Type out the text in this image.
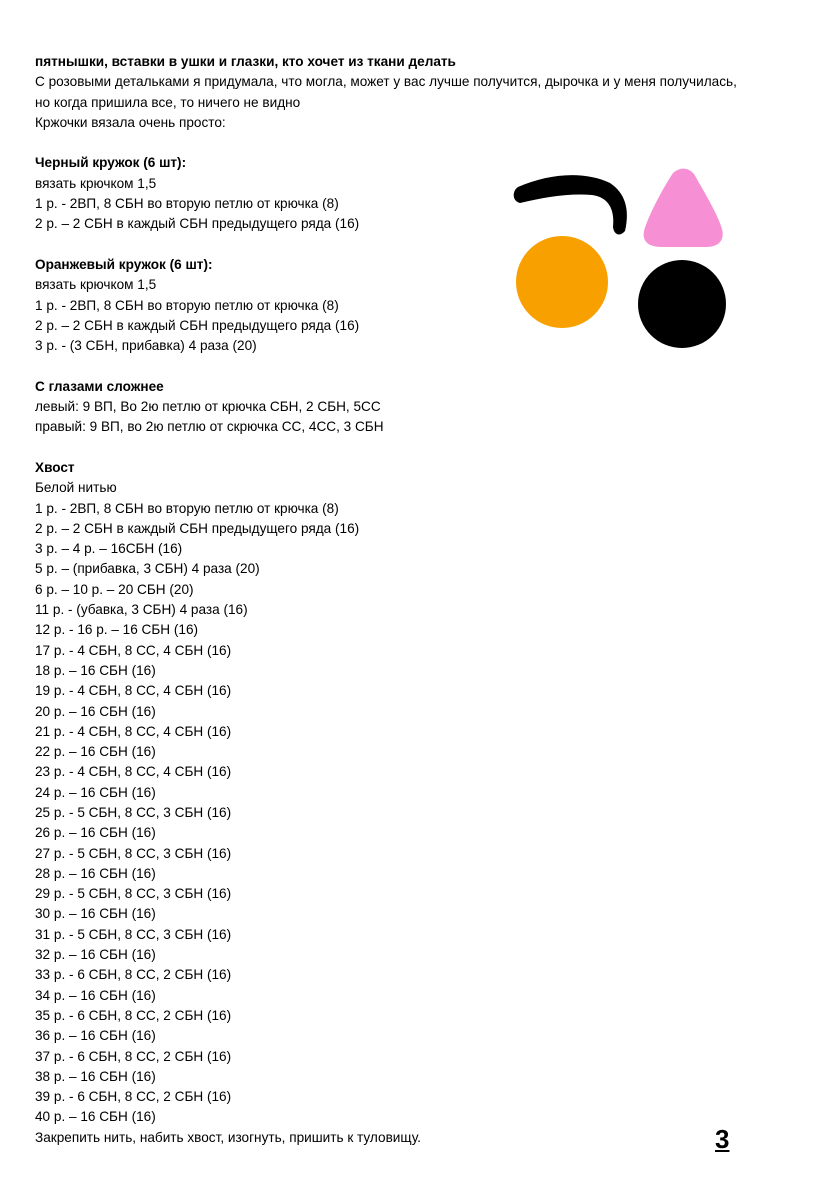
пятнышки, вставки в ушки и глазки, кто хочет из ткани делать
С розовыми детальками я придумала, что могла, может у вас лучше получится, дырочка и у меня получилась,
но когда пришила все, то ничего не видно
Кржочки вязала очень просто:
Черный кружок (6 шт):
вязать крючком 1,5
1 р. - 2ВП, 8 СБН во вторую петлю от крючка (8)
2 р. – 2 СБН в каждый СБН предыдущего ряда (16)
Оранжевый кружок (6 шт):
вязать крючком 1,5
1 р. - 2ВП, 8 СБН во вторую петлю от крючка (8)
2 р. – 2 СБН в каждый СБН предыдущего ряда (16)
3 р. - (3 СБН, прибавка) 4 раза (20)
С глазами сложнее
левый: 9 ВП, Во 2ю петлю от крючка СБН, 2 СБН, 5СС
правый: 9 ВП, во 2ю петлю от скрючка СС, 4СС, 3 СБН
Хвост
Белой нитью
1 р. - 2ВП, 8 СБН во вторую петлю от крючка (8)
2 р. – 2 СБН в каждый СБН предыдущего ряда (16)
3 р. – 4 р. – 16СБН (16)
5 р. – (прибавка, 3 СБН) 4 раза (20)
6 р. – 10 р. – 20 СБН (20)
11 р. - (убавка, 3 СБН) 4 раза (16)
12 р. - 16 р. – 16 СБН (16)
17 р. - 4 СБН, 8 СС, 4 СБН (16)
18 р. – 16 СБН (16)
19 р. - 4 СБН, 8 СС, 4 СБН (16)
20 р. – 16 СБН (16)
21 р. - 4 СБН, 8 СС, 4 СБН (16)
22 р. – 16 СБН (16)
23 р. - 4 СБН, 8 СС, 4 СБН (16)
24 р. – 16 СБН (16)
25 р. - 5 СБН, 8 СС, 3 СБН (16)
26 р. – 16 СБН (16)
27 р. - 5 СБН, 8 СС, 3 СБН (16)
28 р. – 16 СБН (16)
29 р. - 5 СБН, 8 СС, 3 СБН (16)
30 р. – 16 СБН (16)
31 р. - 5 СБН, 8 СС, 3 СБН (16)
32 р. – 16 СБН (16)
33 р. - 6 СБН, 8 СС, 2 СБН (16)
34 р. – 16 СБН (16)
35 р. - 6 СБН, 8 СС, 2 СБН (16)
36 р. – 16 СБН (16)
37 р. - 6 СБН, 8 СС, 2 СБН (16)
38 р. – 16 СБН (16)
39 р. - 6 СБН, 8 СС, 2 СБН (16)
40 р. – 16 СБН (16)
Закрепить нить, набить хвост, изогнуть, пришить к туловищу.	3
